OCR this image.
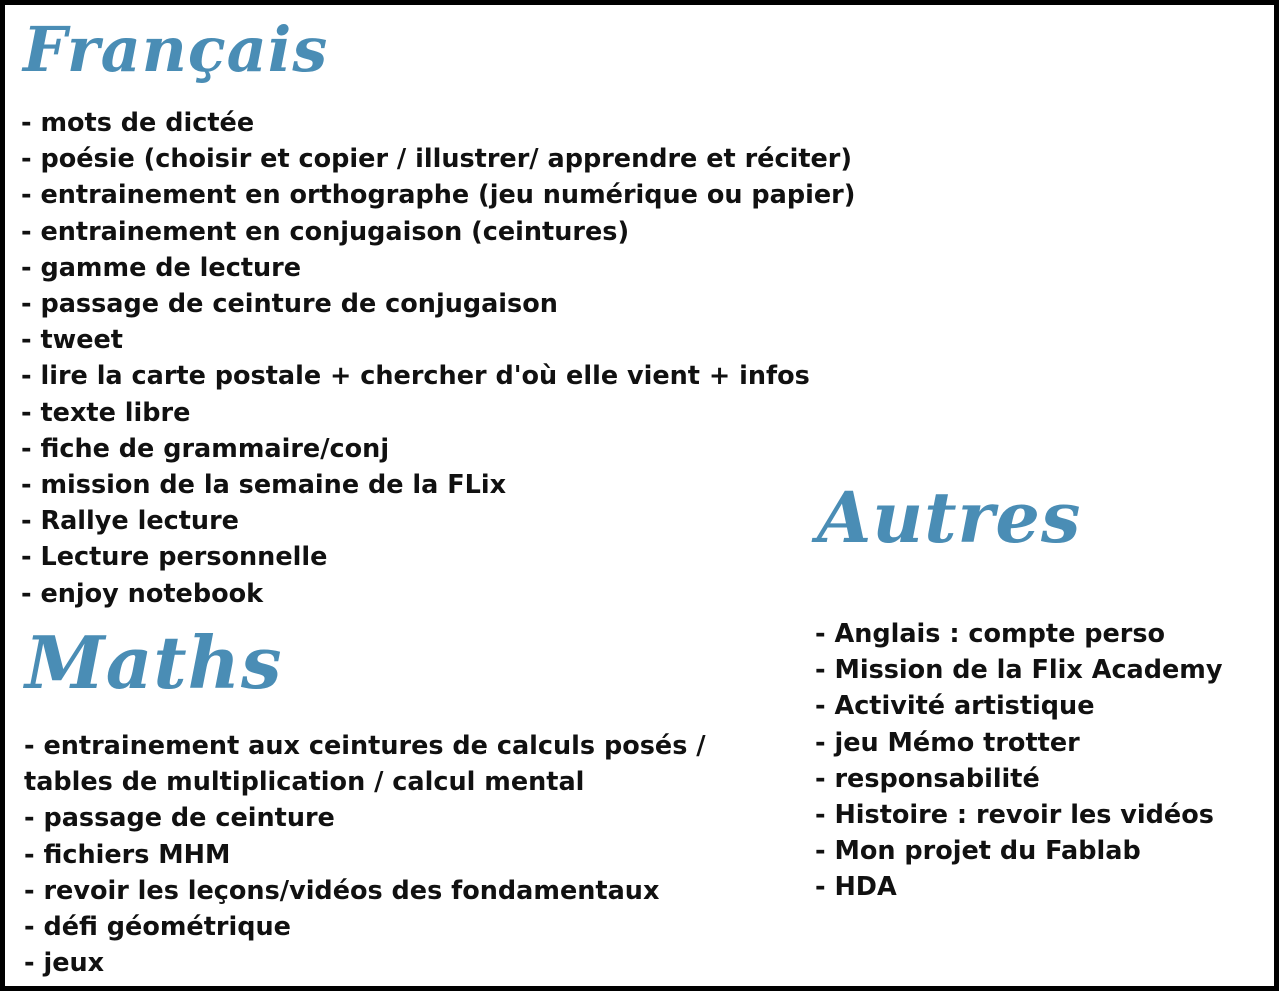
Français
- mots de dictée
- poésie (choisir et copier / illustrer/ apprendre et réciter)
- entrainement en orthographe (jeu numérique ou papier)
- entrainement en conjugaison (ceintures)
- gamme de lecture
- passage de ceinture de conjugaison
- tweet
- lire la carte postale + chercher d'où elle vient + infos
- texte libre
- fiche de grammaire/conj
- mission de la semaine de la FLix
- Rallye lecture
- Lecture personnelle
- enjoy notebook
Maths
- entrainement aux ceintures de calculs posés /
tables de multiplication / calcul mental
- passage de ceinture
- fichiers MHM
- revoir les leçons/vidéos des fondamentaux
- défi géométrique
- jeux
Autres
- Anglais : compte perso
- Mission de la Flix Academy
- Activité artistique
- jeu Mémo trotter
- responsabilité
- Histoire : revoir les vidéos
- Mon projet du Fablab
- HDA
